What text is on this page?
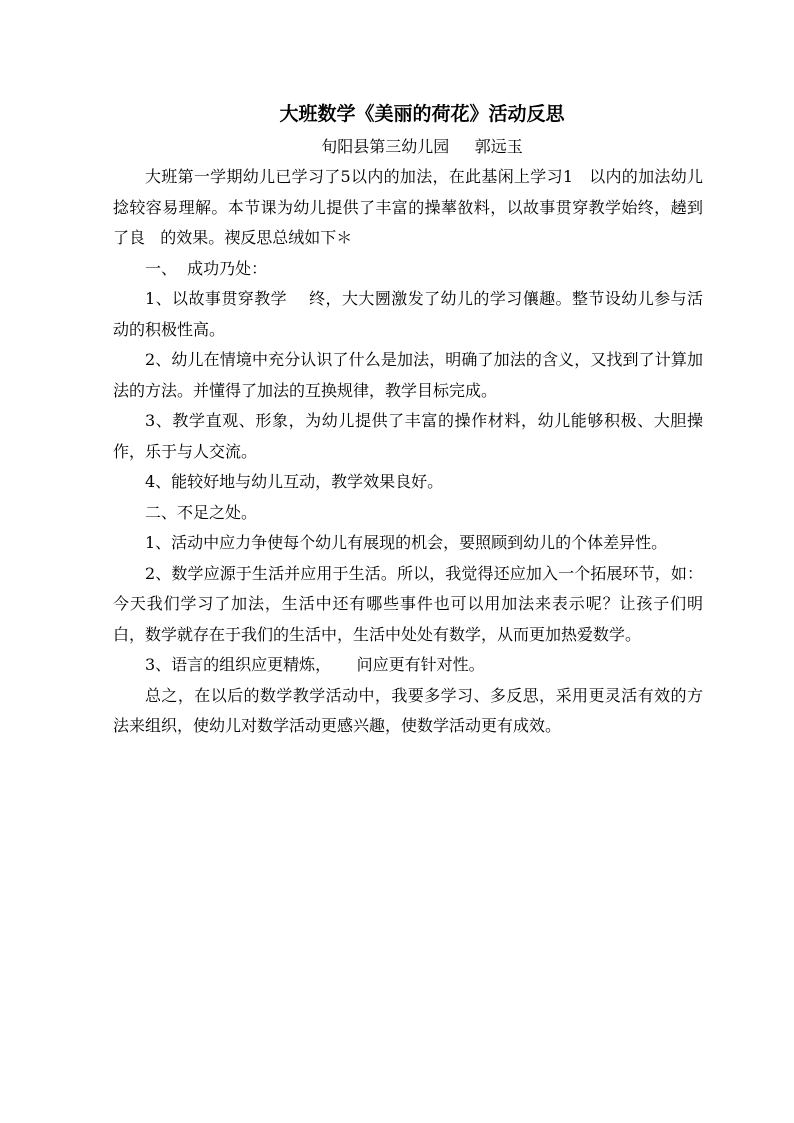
大班数学《美丽的荷花》活动反思

旬阳县第三幼儿园     郭远玉

大班第一学期幼儿已学习了5以内的加法，在此基闲上学习1   以内的加法幼儿捻较容易理解。本节课为幼儿提供了丰富的操蕐敋料，以故事贯穿教学始终，趬到了良   的效果。禊反思总绒如下＊

一、  成功乃处：

1、以故事贯穿教学    终，大大圐激发了幼儿的学习儴趣。整节设幼儿参与活动的积极性高。

2、幼儿在情境中充分认识了什么是加法，明确了加法的含义，又找到了计算加法的方法。并懂得了加法的互换规律，教学目标完成。

3、教学直观、形象，为幼儿提供了丰富的操作材料，幼儿能够积极、大胆操作，乐于与人交流。

4、能较好地与幼儿互动，教学效果良好。

二、不足之处。

1、活动中应力争使每个幼儿有展现的机会，要照顾到幼儿的个体差异性。

2、数学应源于生活并应用于生活。所以，我觉得还应加入一个拓展环节，如：今天我们学习了加法，生活中还有哪些事件也可以用加法来表示呢？让孩子们明白，数学就存在于我们的生活中，生活中处处有数学，从而更加热爱数学。

3、语言的组织应更精炼，     问应更有针对性。

总之，在以后的数学教学活动中，我要多学习、多反思，采用更灵活有效的方法来组织，使幼儿对数学活动更感兴趣，使数学活动更有成效。
